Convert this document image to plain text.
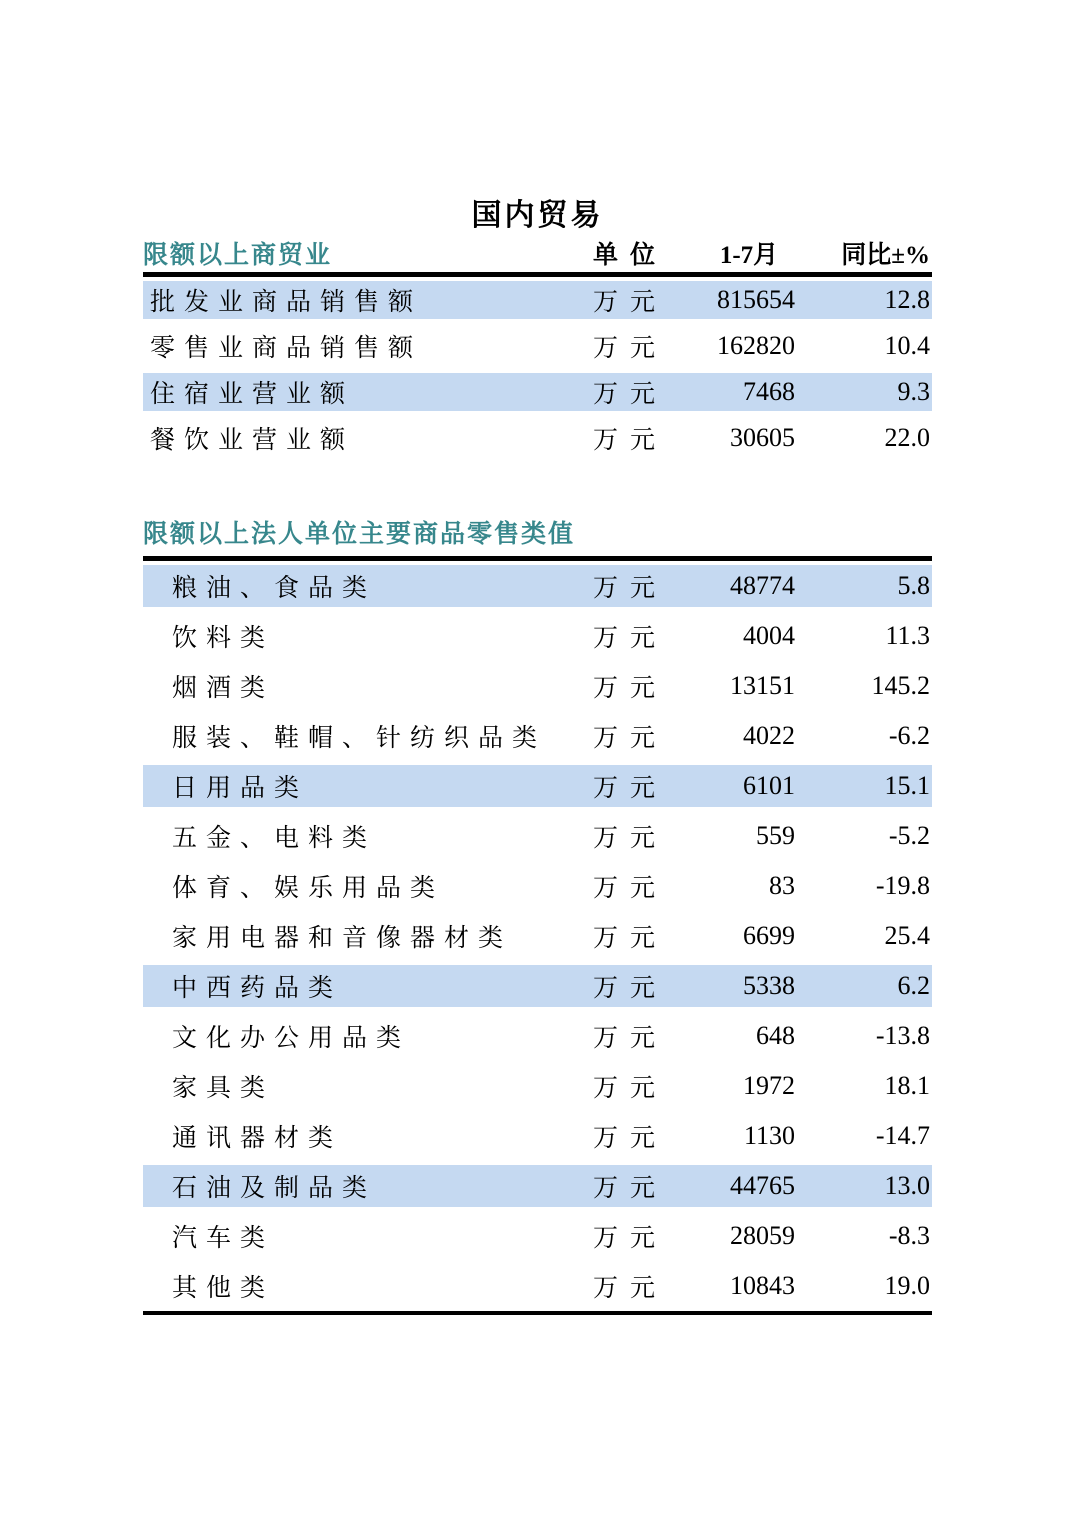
国内贸易
限额以上商贸业	单位	1-7月	同比±%
批发业商品销售额	万元	815654	12.8
零售业商品销售额	万元	162820	10.4
住宿业营业额	万元	7468	9.3
餐饮业营业额	万元	30605	22.0
限额以上法人单位主要商品零售类值
粮油、食品类	万元	48774	5.8
饮料类	万元	4004	11.3
烟酒类	万元	13151	145.2
服装、鞋帽、针纺织品类	万元	4022	-6.2
日用品类	万元	6101	15.1
五金、电料类	万元	559	-5.2
体育、娱乐用品类	万元	83	-19.8
家用电器和音像器材类	万元	6699	25.4
中西药品类	万元	5338	6.2
文化办公用品类	万元	648	-13.8
家具类	万元	1972	18.1
通讯器材类	万元	1130	-14.7
石油及制品类	万元	44765	13.0
汽车类	万元	28059	-8.3
其他类	万元	10843	19.0
